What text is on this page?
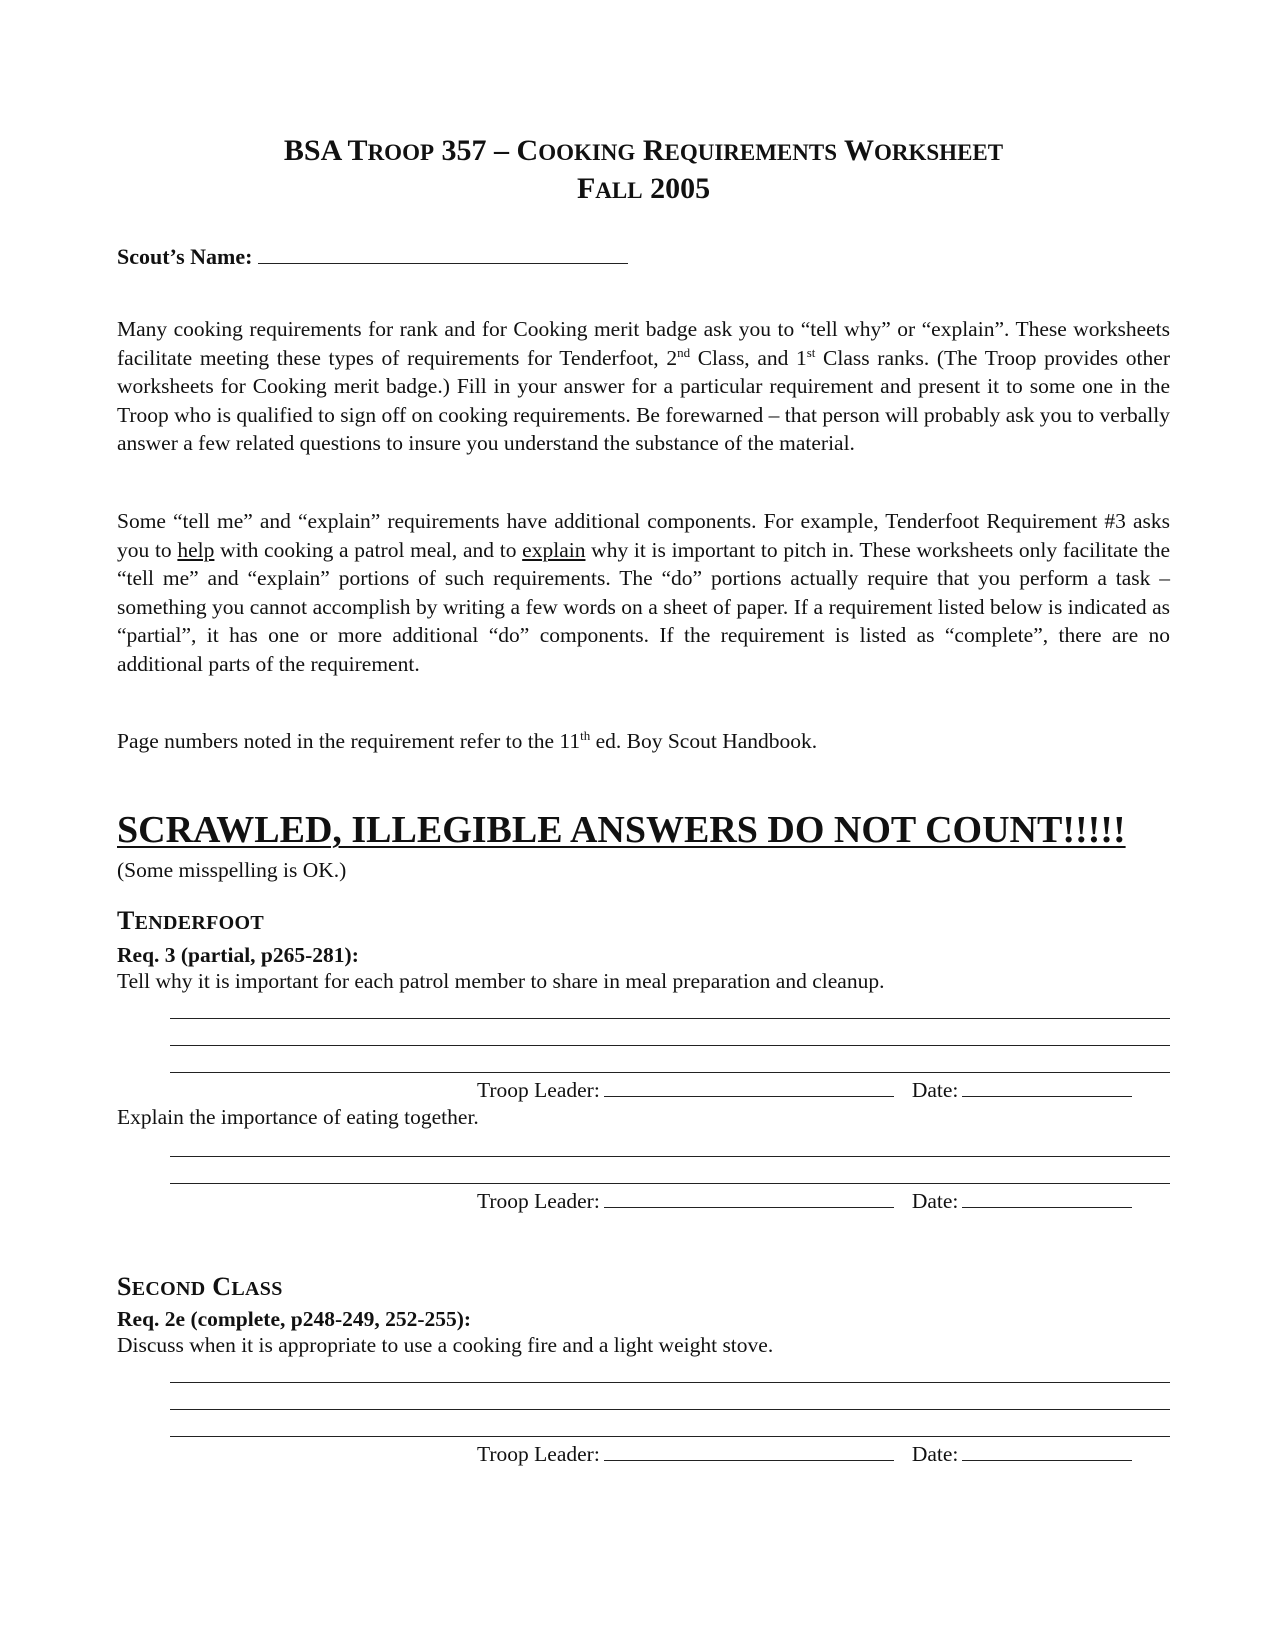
BSA TROOP 357 – COOKING REQUIREMENTS WORKSHEET
FALL 2005
Scout’s Name:
Many cooking requirements for rank and for Cooking merit badge ask you to “tell why” or “explain”. These worksheets facilitate meeting these types of requirements for Tenderfoot, 2nd Class, and 1st Class ranks. (The Troop provides other worksheets for Cooking merit badge.) Fill in your answer for a particular requirement and present it to some one in the Troop who is qualified to sign off on cooking requirements. Be forewarned – that person will probably ask you to verbally answer a few related questions to insure you understand the substance of the material.
Some “tell me” and “explain” requirements have additional components. For example, Tenderfoot Requirement #3 asks you to help with cooking a patrol meal, and to explain why it is important to pitch in. These worksheets only facilitate the “tell me” and “explain” portions of such requirements. The “do” portions actually require that you perform a task – something you cannot accomplish by writing a few words on a sheet of paper. If a requirement listed below is indicated as “partial”, it has one or more additional “do” components. If the requirement is listed as “complete”, there are no additional parts of the requirement.
Page numbers noted in the requirement refer to the 11th ed. Boy Scout Handbook.
SCRAWLED, ILLEGIBLE ANSWERS DO NOT COUNT!!!!!
(Some misspelling is OK.)
TENDERFOOT
Req. 3 (partial, p265-281):
Tell why it is important for each patrol member to share in meal preparation and cleanup.
Troop Leader:	Date:
Explain the importance of eating together.
Troop Leader:	Date:
SECOND CLASS
Req. 2e (complete, p248-249, 252-255):
Discuss when it is appropriate to use a cooking fire and a light weight stove.
Troop Leader:	Date:
